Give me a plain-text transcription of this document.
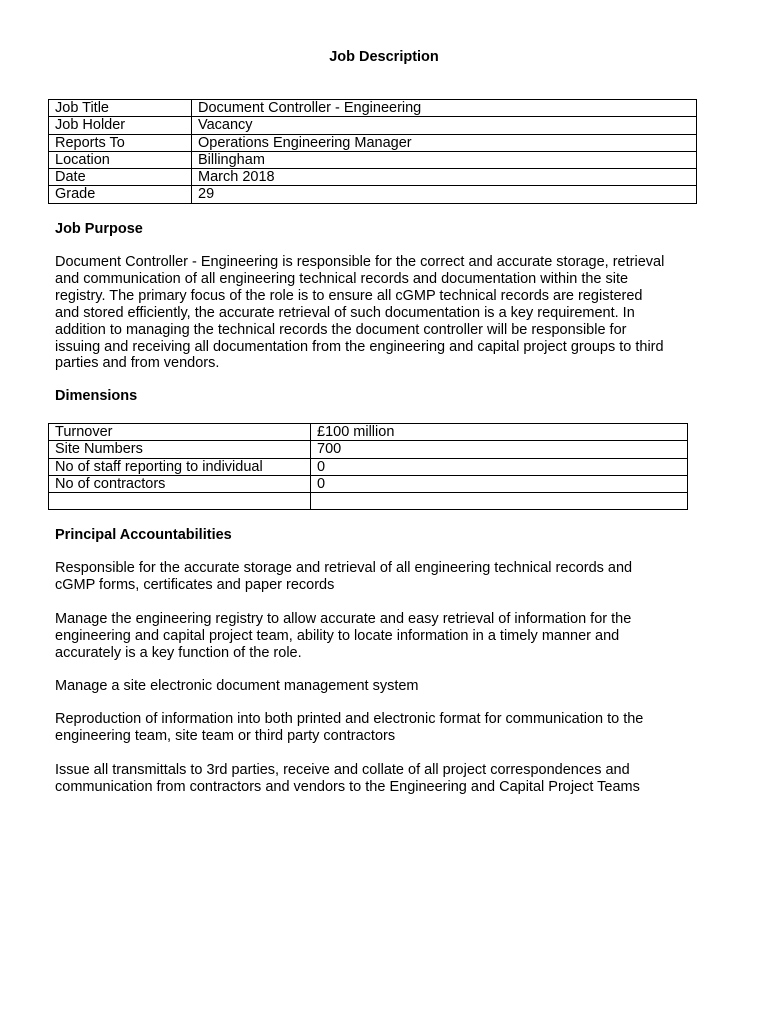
Job Description
Job Title	Document Controller - Engineering
Job Holder	Vacancy
Reports To	Operations Engineering Manager
Location	Billingham
Date	March 2018
Grade	29
Job Purpose
Document Controller - Engineering is responsible for the correct and accurate storage, retrieval
and communication of all engineering technical records and documentation within the site
registry. The primary focus of the role is to ensure all cGMP technical records are registered
and stored efficiently, the accurate retrieval of such documentation is a key requirement. In
addition to managing the technical records the document controller will be responsible for
issuing and receiving all documentation from the engineering and capital project groups to third
parties and from vendors.
Dimensions
Turnover	£100 million
Site Numbers	700
No of staff reporting to individual	0
No of contractors	0

Principal Accountabilities
Responsible for the accurate storage and retrieval of all engineering technical records and
cGMP forms, certificates and paper records
Manage the engineering registry to allow accurate and easy retrieval of information for the
engineering and capital project team, ability to locate information in a timely manner and
accurately is a key function of the role.
Manage a site electronic document management system
Reproduction of information into both printed and electronic format for communication to the
engineering team, site team or third party contractors
Issue all transmittals to 3rd parties, receive and collate of all project correspondences and
communication from contractors and vendors to the Engineering and Capital Project Teams
